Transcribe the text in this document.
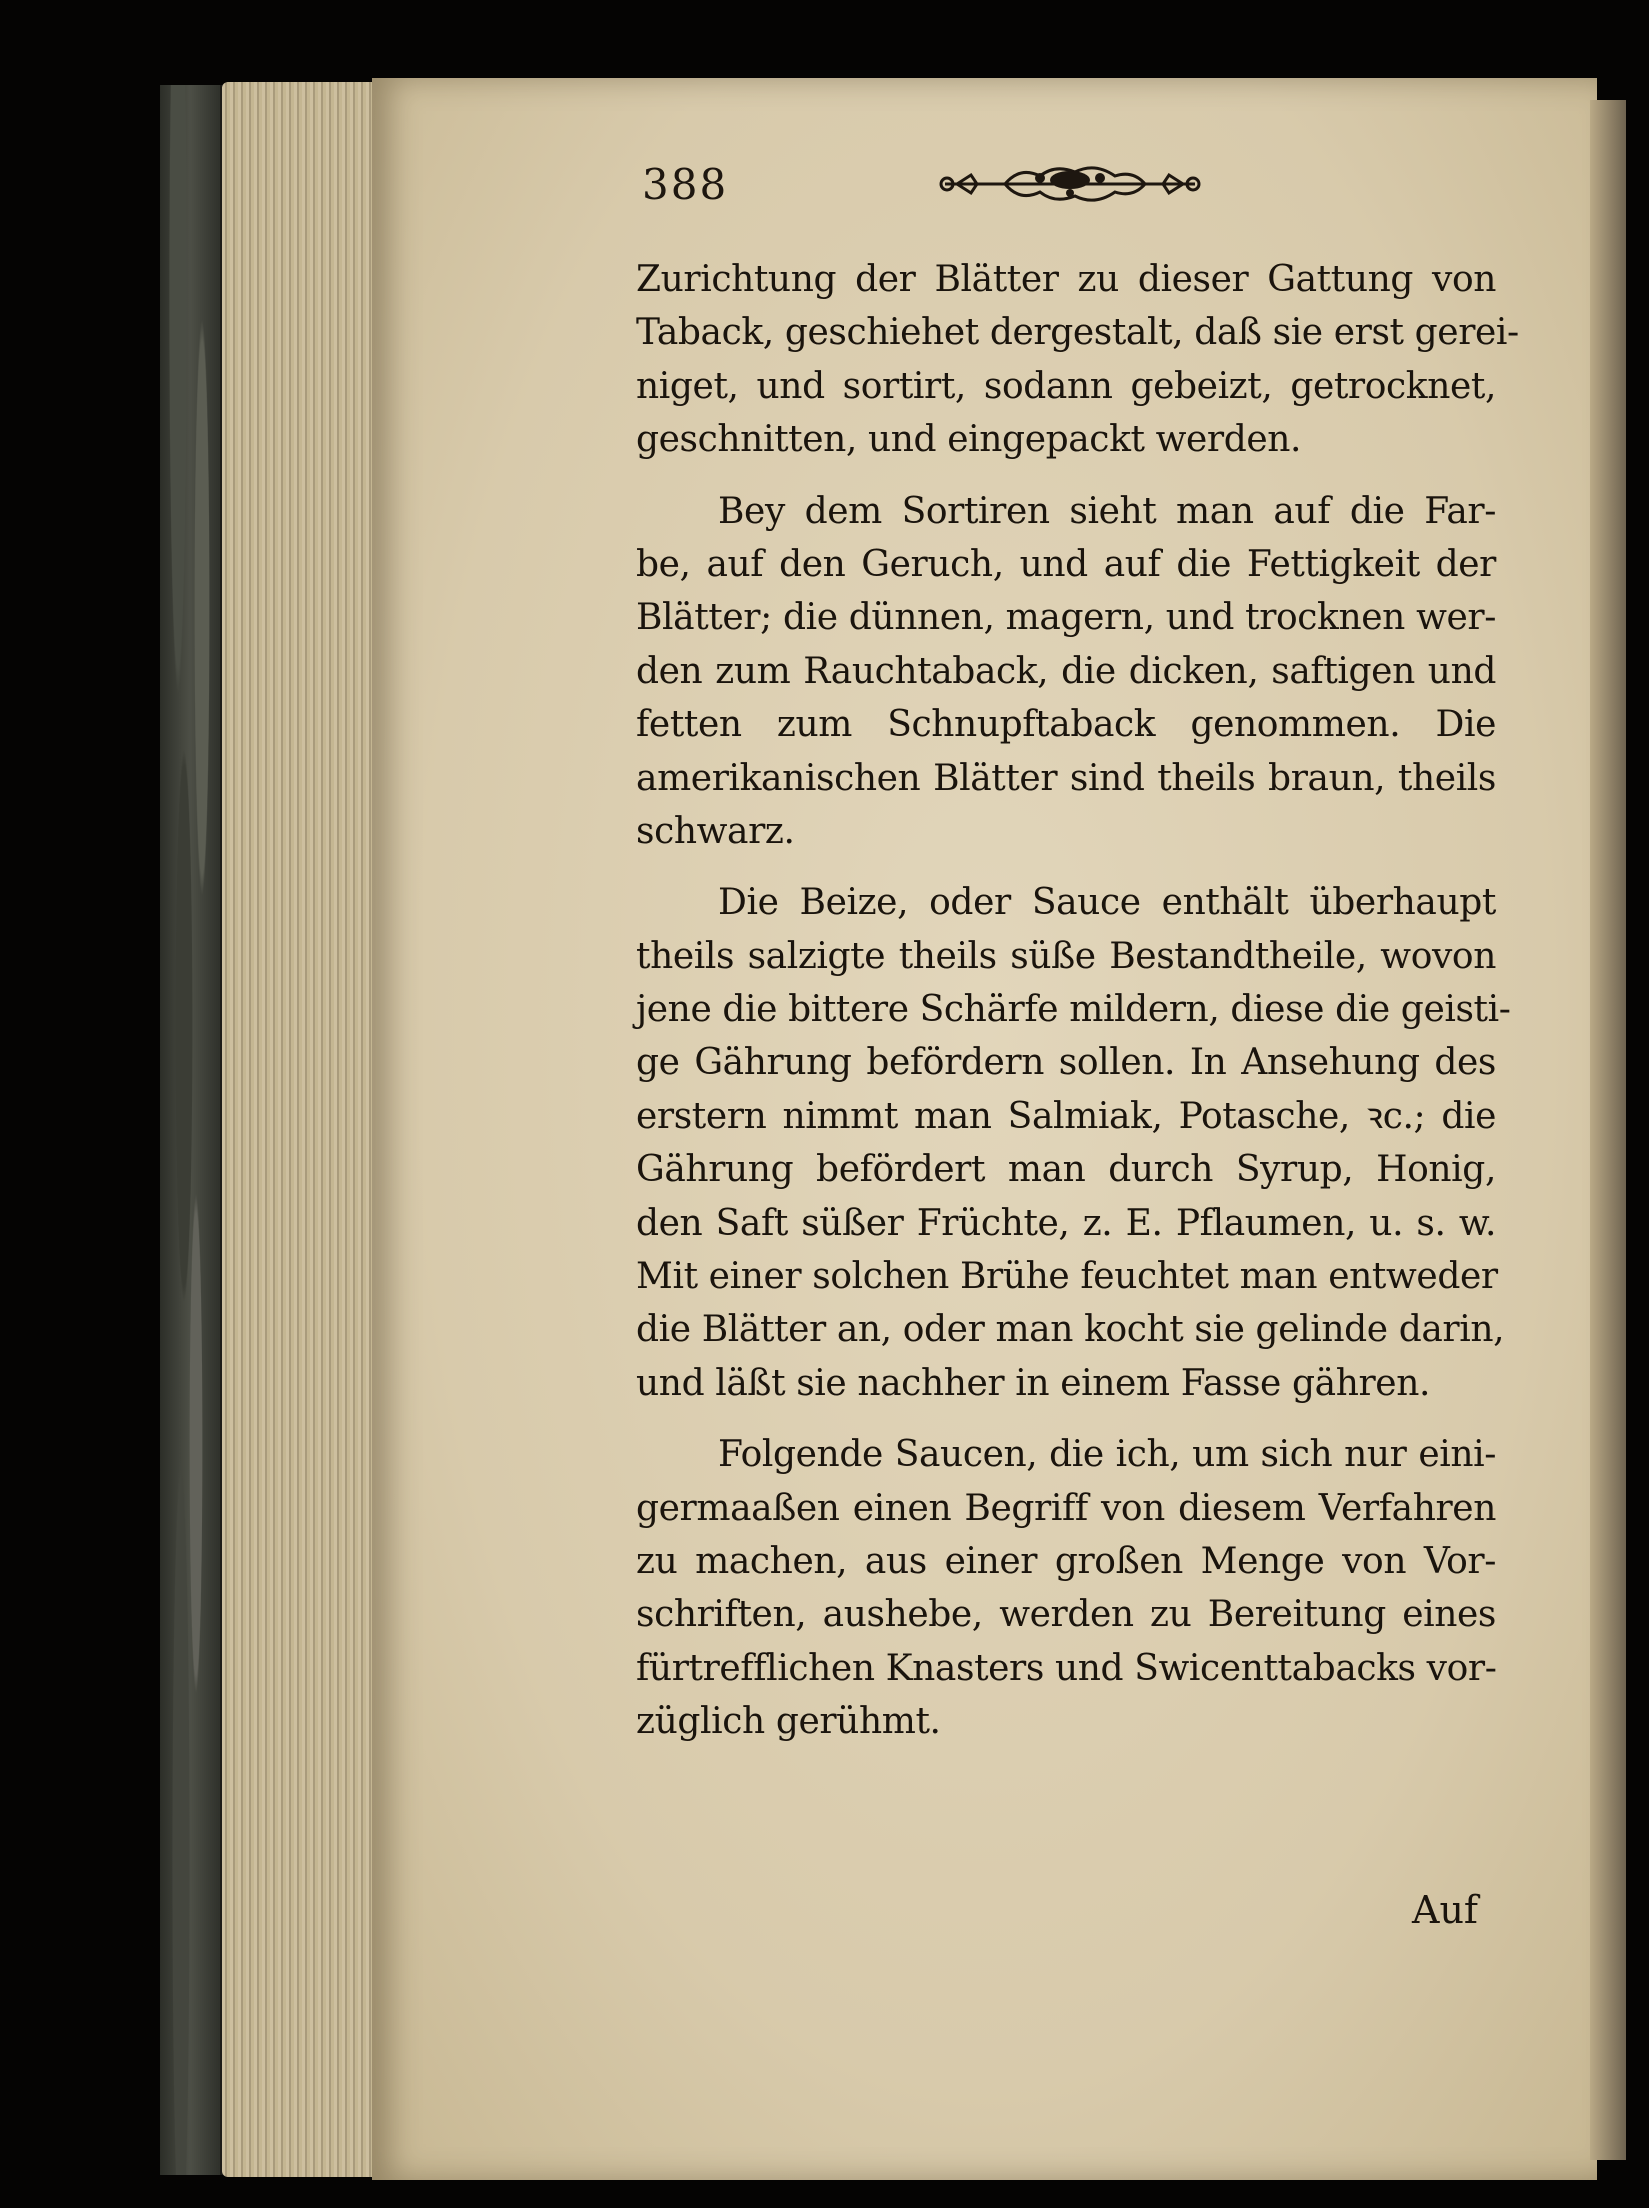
388
Zurichtung der Blätter zu dieser Gattung von
Taback, geschiehet dergestalt, daß sie erst gerei-
niget, und sortirt, sodann gebeizt, getrocknet,
geschnitten, und eingepackt werden.
Bey dem Sortiren sieht man auf die Far-
be, auf den Geruch, und auf die Fettigkeit der
Blätter; die dünnen, magern, und trocknen wer-
den zum Rauchtaback, die dicken, saftigen und
fetten zum Schnupftaback genommen. Die
amerikanischen Blätter sind theils braun, theils
schwarz.
Die Beize, oder Sauce enthält überhaupt
theils salzigte theils süße Bestandtheile, wovon
jene die bittere Schärfe mildern, diese die geisti-
ge Gährung befördern sollen. In Ansehung des
erstern nimmt man Salmiak, Potasche, ꝛc.; die
Gährung befördert man durch Syrup, Honig,
den Saft süßer Früchte, z. E. Pflaumen, u. s. w.
Mit einer solchen Brühe feuchtet man entweder
die Blätter an, oder man kocht sie gelinde darin,
und läßt sie nachher in einem Fasse gähren.
Folgende Saucen, die ich, um sich nur eini-
germaaßen einen Begriff von diesem Verfahren
zu machen, aus einer großen Menge von Vor-
schriften, aushebe, werden zu Bereitung eines
fürtrefflichen Knasters und Swicenttabacks vor-
züglich gerühmt.
Auf
